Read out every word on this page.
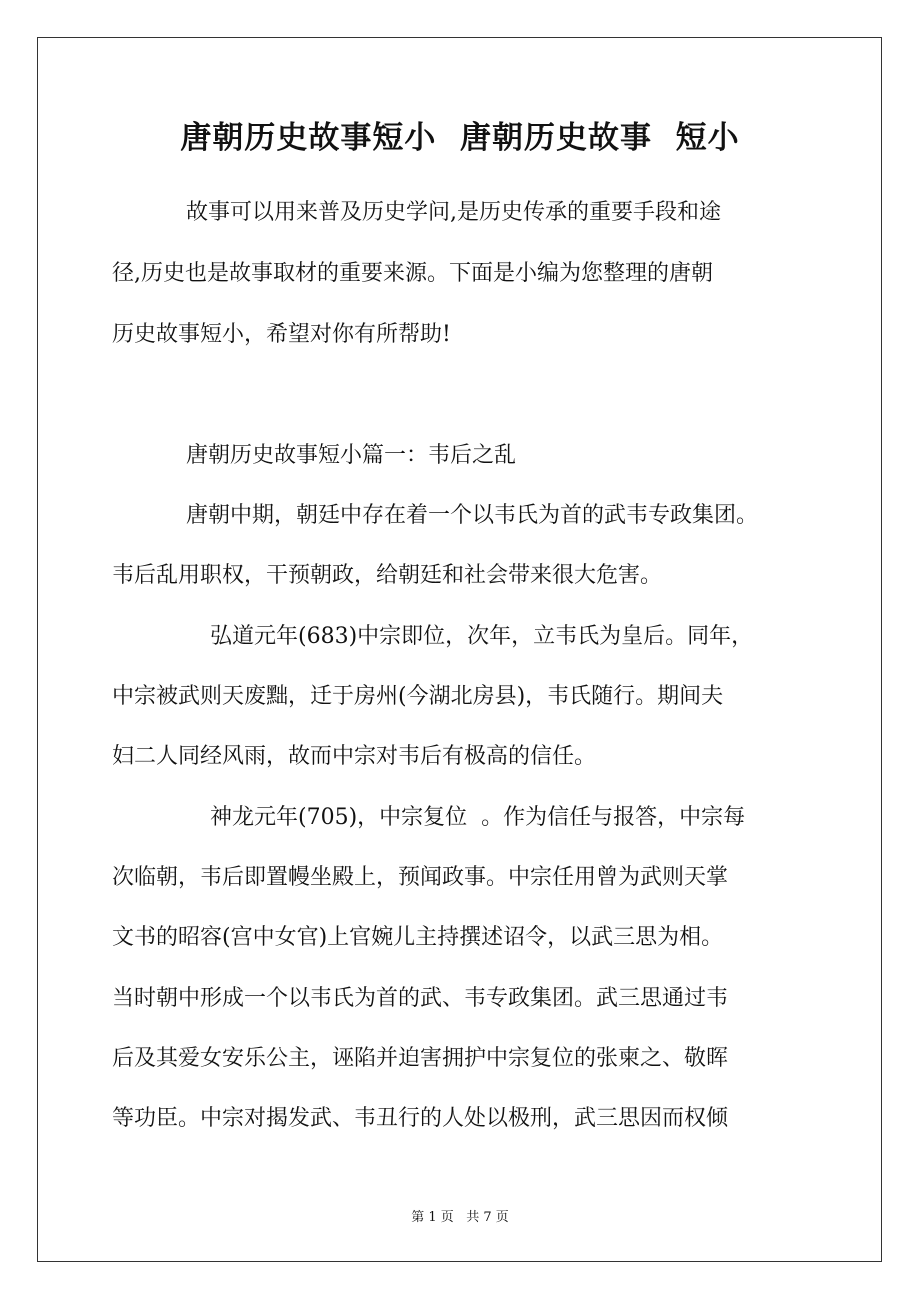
唐朝历史故事短小  唐朝历史故事  短小

故事可以用来普及历史学问,是历史传承的重要手段和途

径,历史也是故事取材的重要来源。下面是小编为您整理的唐朝

历史故事短小，希望对你有所帮助!

唐朝历史故事短小篇一：韦后之乱

唐朝中期，朝廷中存在着一个以韦氏为首的武韦专政集团。

韦后乱用职权，干预朝政，给朝廷和社会带来很大危害。

弘道元年(683)中宗即位，次年，立韦氏为皇后。同年，

中宗被武则天废黜，迁于房州(今湖北房县)，韦氏随行。期间夫

妇二人同经风雨，故而中宗对韦后有极高的信任。

神龙元年(705)，中宗复位  。作为信任与报答，中宗每

次临朝，韦后即置幔坐殿上，预闻政事。中宗任用曾为武则天掌

文书的昭容(宫中女官)上官婉儿主持撰述诏令，以武三思为相。

当时朝中形成一个以韦氏为首的武、韦专政集团。武三思通过韦

后及其爱女安乐公主，诬陷并迫害拥护中宗复位的张柬之、敬晖

等功臣。中宗对揭发武、韦丑行的人处以极刑，武三思因而权倾

第 1 页   共 7 页
